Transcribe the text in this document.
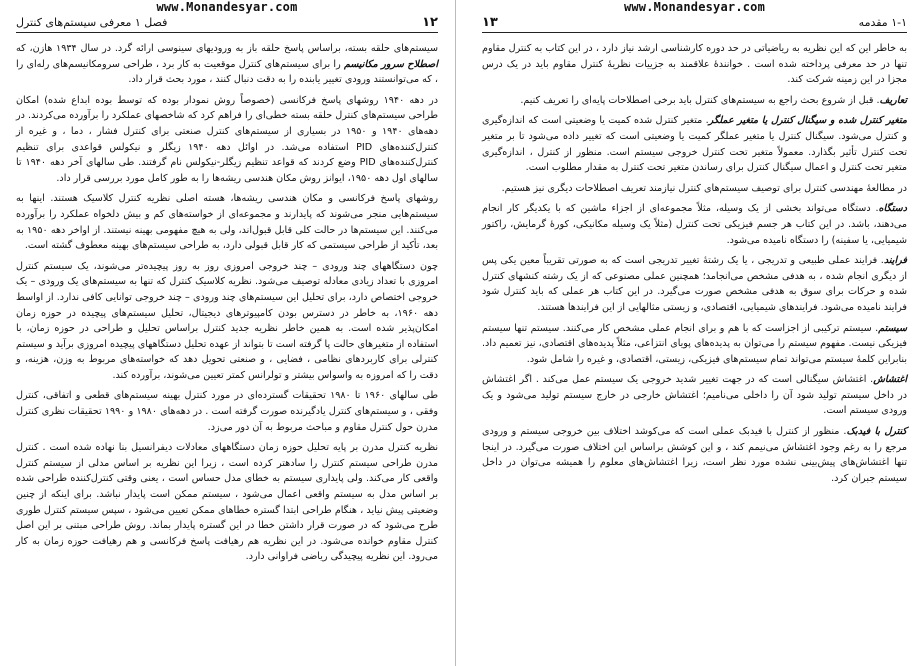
www.Monandesyar.com
۱۲
فصل ۱ معرفی سیستم‌های کنترل

سیستم‌های حلقه بسته، براساس پاسخ حلقه باز به ورودیهای سینوسی ارائه گرد. در سال ۱۹۳۴ هازن، که اصطلاح سرور مکانیسم را برای سیستم‌های کنترل موقعیت به کار برد ، طراحی سرومکانیسم‌های رله‌ای را ، که می‌توانستند ورودی تغییر یابنده را به دقت دنبال کنند ، مورد بحث قرار داد.

در دهه ۱۹۴۰ روشهای پاسخ فرکانسی (خصوصاً روش نمودار بوده که توسط بوده ابداع شده) امکان طراحی سیستم‌های کنترل حلقه بسته خطی‌ای را فراهم کرد که شاخصهای عملکرد را برآورده می‌کردند. در دهه‌های ۱۹۴۰ و ۱۹۵۰ در بسیاری از سیستم‌های کنترل صنعتی برای کنترل فشار ، دما ، و غیره از کنترل‌کننده‌های PID استفاده می‌شد. در اوائل دهه ۱۹۴۰ زیگلر و نیکولس قواعدی برای تنظیم کنترل‌کننده‌های PID وضع کردند که قواعد تنظیم زیگلر-نیکولس نام گرفتند. طی سالهای آخر دهه ۱۹۴۰ تا سالهای اول دهه ۱۹۵۰، ایوانز روش مکان هندسی ریشه‌ها را به طور کامل مورد بررسی قرار داد.

روشهای پاسخ فرکانسی و مکان هندسی ریشه‌ها، هسته اصلی نظریه کنترل کلاسیک هستند. اینها به سیستم‌هایی منجر می‌شوند که پایدارند و مجموعه‌ای از خواسته‌های کم و بیش دلخواه عملکرد را برآورده می‌کنند. این سیستم‌ها در حالت کلی قابل قبول‌اند، ولی به هیچ مفهومی بهینه نیستند. از اواخر دهه ۱۹۵۰ به بعد، تأکید از طراحی سیستمی که کار قابل قبولی دارد، به طراحی سیستم‌های بهینه معطوف گشته است.

چون دستگاههای چند ورودی – چند خروجی امروزی روز به روز پیچیده‌تر می‌شوند، یک سیستم کنترل امروزی با تعداد زیادی معادله توصیف می‌شود. نظریه کلاسیک کنترل که تنها به سیستم‌های یک ورودی – یک خروجی اختصاص دارد، برای تحلیل این سیستم‌های چند ورودی – چند خروجی توانایی کافی ندارد. از اواسط دهه ۱۹۶۰، به خاطر در دسترس بودن کامپیوترهای دیجیتال، تحلیل سیستم‌های پیچیده در حوزه زمان امکان‌پذیر شده است. به همین خاطر نظریه جدید کنترل براساس تحلیل و طراحی در حوزه زمان، با استفاده از متغیرهای حالت پا گرفته است تا بتواند از عهده تحلیل دستگاههای پیچیده امروزی برآید و سیستم کنترلی برای کاربردهای نظامی ، فضایی ، و صنعتی تحویل دهد که خواسته‌های مربوط به وزن، هزینه، و دقت را که امروزه به واسواس بیشتر و تولرانس کمتر تعیین می‌شوند، برآورده کند.

طی سالهای ۱۹۶۰ تا ۱۹۸۰ تحقیقات گسترده‌ای در مورد کنترل بهینه سیستم‌های قطعی و اتفاقی، کنترل وفقی ، و سیستم‌های کنترل یادگیرنده صورت گرفته است . در دهه‌های ۱۹۸۰ و ۱۹۹۰ تحقیقات نظری کنترل مدرن حول کنترل مقاوم و مباحث مربوط به آن دور می‌زد.

نظریه کنترل مدرن بر پایه تحلیل حوزه زمان دستگاههای معادلات دیفرانسیل بنا نهاده شده است . کنترل مدرن طراحی سیستم کنترل را سادهتر کرده است ، زیرا این نظریه بر اساس مدلی از سیستم کنترل واقعی کار می‌کند. ولی پایداری سیستم به خطای مدل حساس است ، یعنی وقتی کنترل‌کننده طراحی شده بر اساس مدل به سیستم واقعی اعمال می‌شود ، سیستم ممکن است پایدار نباشد. برای اینکه از چنین وضعیتی پیش نیاید ، هنگام طراحی ابتدا گستره خطاهای ممکن تعیین می‌شود ، سپس سیستم کنترل طوری طرح می‌شود که در صورت قرار داشتن خطا در این گستره پایدار بماند. روش طراحی مبتنی بر این اصل کنترل مقاوم خوانده می‌شود. در این نظریه هم رهیافت پاسخ فرکانسی و هم رهیافت حوزه زمان به کار می‌رود. این نظریه پیچیدگی ریاضی فراوانی دارد.

www.Monandesyar.com
۱-۱ مقدمه
۱۳

به خاطر این که این نظریه به ریاضیاتی در حد دوره کارشناسی ارشد نیاز دارد ، در این کتاب به کنترل مقاوم تنها در حد معرفی پرداخته شده است . خوانندهٔ علاقمند به جزییات نظریهٔ کنترل مقاوم باید در یک درس مجزا در این زمینه شرکت کند.

تعاریف. قبل از شروع بحث راجع به سیستم‌های کنترل باید برخی اصطلاحات پایه‌ای را تعریف کنیم.

متغیر کنترل شده و سیگنال کنترل یا متغیر عملگر. متغیر کنترل شده کمیت یا وضعیتی است که اندازه‌گیری و کنترل می‌شود. سیگنال کنترل یا متغیر عملگر کمیت یا وضعیتی است که تغییر داده می‌شود تا بر متغیر تحت کنترل تأثیر بگذارد. معمولاً متغیر تحت کنترل خروجی سیستم است. منظور از کنترل ، اندازه‌گیری متغیر تحت کنترل و اعمال سیگنال کنترل برای رساندن متغیر تحت کنترل به مقدار مطلوب است.

در مطالعهٔ مهندسی کنترل برای توصیف سیستم‌های کنترل نیازمند تعریف اصطلاحات دیگری نیز هستیم.

دستگاه. دستگاه می‌تواند بخشی از یک وسیله، مثلاً مجموعه‌ای از اجزاء ماشین که با یکدیگر کار انجام می‌دهند، باشد. در این کتاب هر جسم فیزیکی تحت کنترل (مثلاً یک وسیله مکانیکی، کورهٔ گرمایش، راکتور شیمیایی، یا سفینه) را دستگاه نامیده می‌شود.

فرایند. فرایند عملی طبیعی و تدریجی ، یا یک رشتهٔ تغییر تدریجی است که به صورتی تقریباً معین یکی پس از دیگری انجام شده ، به هدفی مشخص می‌انجامد؛ همچنین عملی مصنوعی که از یک رشته کنشهای کنترل شده و حرکات برای سوق به هدفی مشخص صورت می‌گیرد. در این کتاب هر عملی که باید کنترل شود فرایند نامیده می‌شود. فرایندهای شیمیایی، اقتصادی، و زیستی مثالهایی از این فرایندها هستند.

سیستم. سیستم ترکیبی از اجزاست که با هم و برای انجام عملی مشخص کار می‌کنند. سیستم تنها سیستم فیزیکی نیست. مفهوم سیستم را می‌توان به پدیده‌های پویای انتزاعی، مثلاً پدیده‌های اقتصادی، نیز تعمیم داد. بنابراین کلمهٔ سیستم می‌تواند تمام سیستم‌های فیزیکی، زیستی، اقتصادی، و غیره را شامل شود.

اغتشاش. اغتشاش سیگنالی است که در جهت تغییر شدید خروجی یک سیستم عمل می‌کند . اگر اغتشاش در داخل سیستم تولید شود آن را داخلی می‌نامیم؛ اغتشاش خارجی در خارج سیستم تولید می‌شود و یک ورودی سیستم است.

کنترل با فیدبک. منظور از کنترل با فیدبک عملی است که می‌کوشد اختلاف بین خروجی سیستم و ورودی مرجع را به رغم وجود اغتشاش می‌نیمم کند ، و این کوشش براساس این اختلاف صورت می‌گیرد. در اینجا تنها اغتشاش‌های پیش‌بینی نشده مورد نظر است، زیرا اغتشاش‌های معلوم را همیشه می‌توان در داخل سیستم جبران کرد.
